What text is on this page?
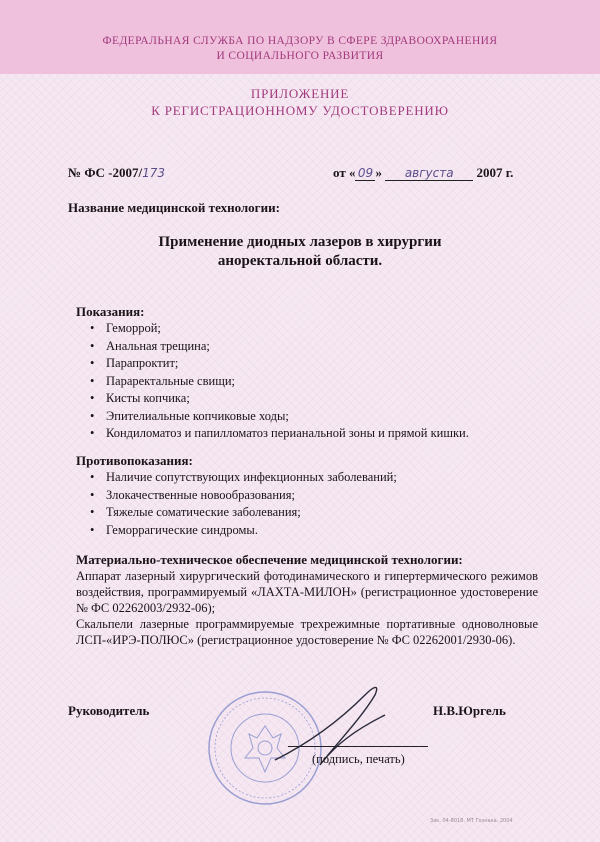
ФЕДЕРАЛЬНАЯ СЛУЖБА ПО НАДЗОРУ В СФЕРЕ ЗДРАВООХРАНЕНИЯ
И СОЦИАЛЬНОГО РАЗВИТИЯ
ПРИЛОЖЕНИЕ
К РЕГИСТРАЦИОННОМУ УДОСТОВЕРЕНИЮ
№ ФС -2007/173	от « 09 » августа 2007 г.
Название медицинской технологии:
Применение диодных лазеров в хирургии
аноректальной области.
Показания:
• Геморрой;
• Анальная трещина;
• Парапроктит;
• Параректальные свищи;
• Кисты копчика;
• Эпителиальные копчиковые ходы;
• Кондиломатоз и папилломатоз перианальной зоны и прямой кишки.
Противопоказания:
• Наличие сопутствующих инфекционных заболеваний;
• Злокачественные новообразования;
• Тяжелые соматические заболевания;
• Геморрагические синдромы.
Материально-техническое обеспечение медицинской технологии:
Аппарат лазерный хирургический фотодинамического и гипертермического режимов воздействия, программируемый «ЛАХТА-МИЛОН» (регистрационное удостоверение № ФС 02262003/2932-06);
Скальпели лазерные программируемые трехрежимные портативные одноволновые ЛСП-«ИРЭ-ПОЛЮС» (регистрационное удостоверение № ФС 02262001/2930-06).
Руководитель	Н.В.Юргель
(подпись, печать)
Зак. 04-8018. МТ Гознака. 2004
